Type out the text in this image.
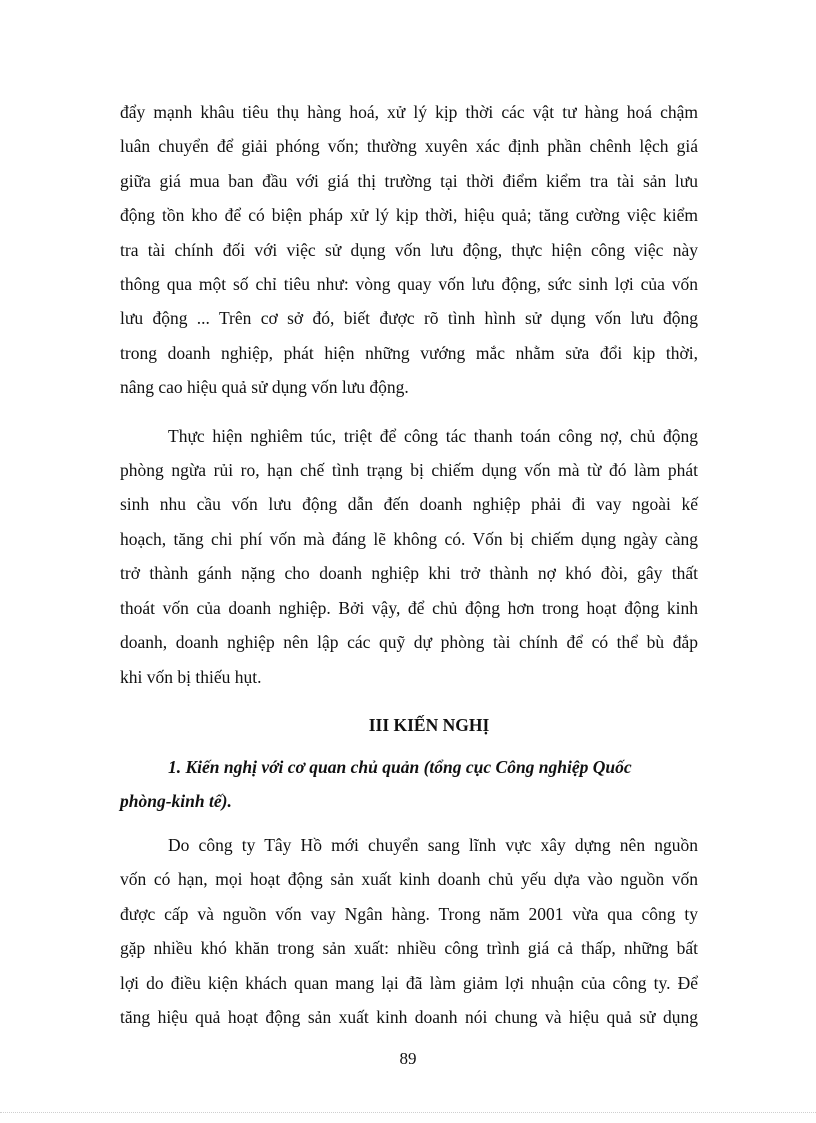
đẩy mạnh khâu tiêu thụ hàng hoá, xử lý kịp thời các vật tư hàng hoá chậm
luân chuyển để giải phóng vốn; thường xuyên xác định phần chênh lệch giá
giữa giá mua ban đầu với giá thị trường tại thời điểm kiểm tra tài sản lưu
động tồn kho để có biện pháp xử lý kịp thời, hiệu quả; tăng cường việc kiểm
tra tài chính đối với việc sử dụng vốn lưu động, thực hiện công việc này
thông qua một số chỉ tiêu như: vòng quay vốn lưu động, sức sinh lợi của vốn
lưu động ... Trên cơ sở đó, biết được rõ tình hình sử dụng vốn lưu động
trong doanh nghiệp, phát hiện những vướng mắc nhằm sửa đổi kịp thời,
nâng cao hiệu quả sử dụng vốn lưu động.
Thực hiện nghiêm túc, triệt để công tác thanh toán công nợ, chủ động
phòng ngừa rủi ro, hạn chế tình trạng bị chiếm dụng vốn mà từ đó làm phát
sinh nhu cầu vốn lưu động dẫn đến doanh nghiệp phải đi vay ngoài kế
hoạch, tăng chi phí vốn mà đáng lẽ không có. Vốn bị chiếm dụng ngày càng
trở thành gánh nặng cho doanh nghiệp khi trở thành nợ khó đòi, gây thất
thoát vốn của doanh nghiệp. Bởi vậy, để chủ động hơn trong hoạt động kinh
doanh, doanh nghiệp nên lập các quỹ dự phòng tài chính để có thể bù đắp
khi vốn bị thiếu hụt.
III KIẾN NGHỊ
1. Kiến nghị với cơ quan chủ quản (tổng cục Công nghiệp Quốc
phòng-kinh tế).
Do công ty Tây Hồ mới chuyển sang lĩnh vực xây dựng nên nguồn
vốn có hạn, mọi hoạt động sản xuất kinh doanh chủ yếu dựa vào nguồn vốn
được cấp và nguồn vốn vay Ngân hàng. Trong năm 2001 vừa qua công ty
gặp nhiều khó khăn trong sản xuất: nhiều công trình giá cả thấp, những bất
lợi do điều kiện khách quan mang lại đã làm giảm lợi nhuận của công ty. Để
tăng hiệu quả hoạt động sản xuất kinh doanh nói chung và hiệu quả sử dụng
89
